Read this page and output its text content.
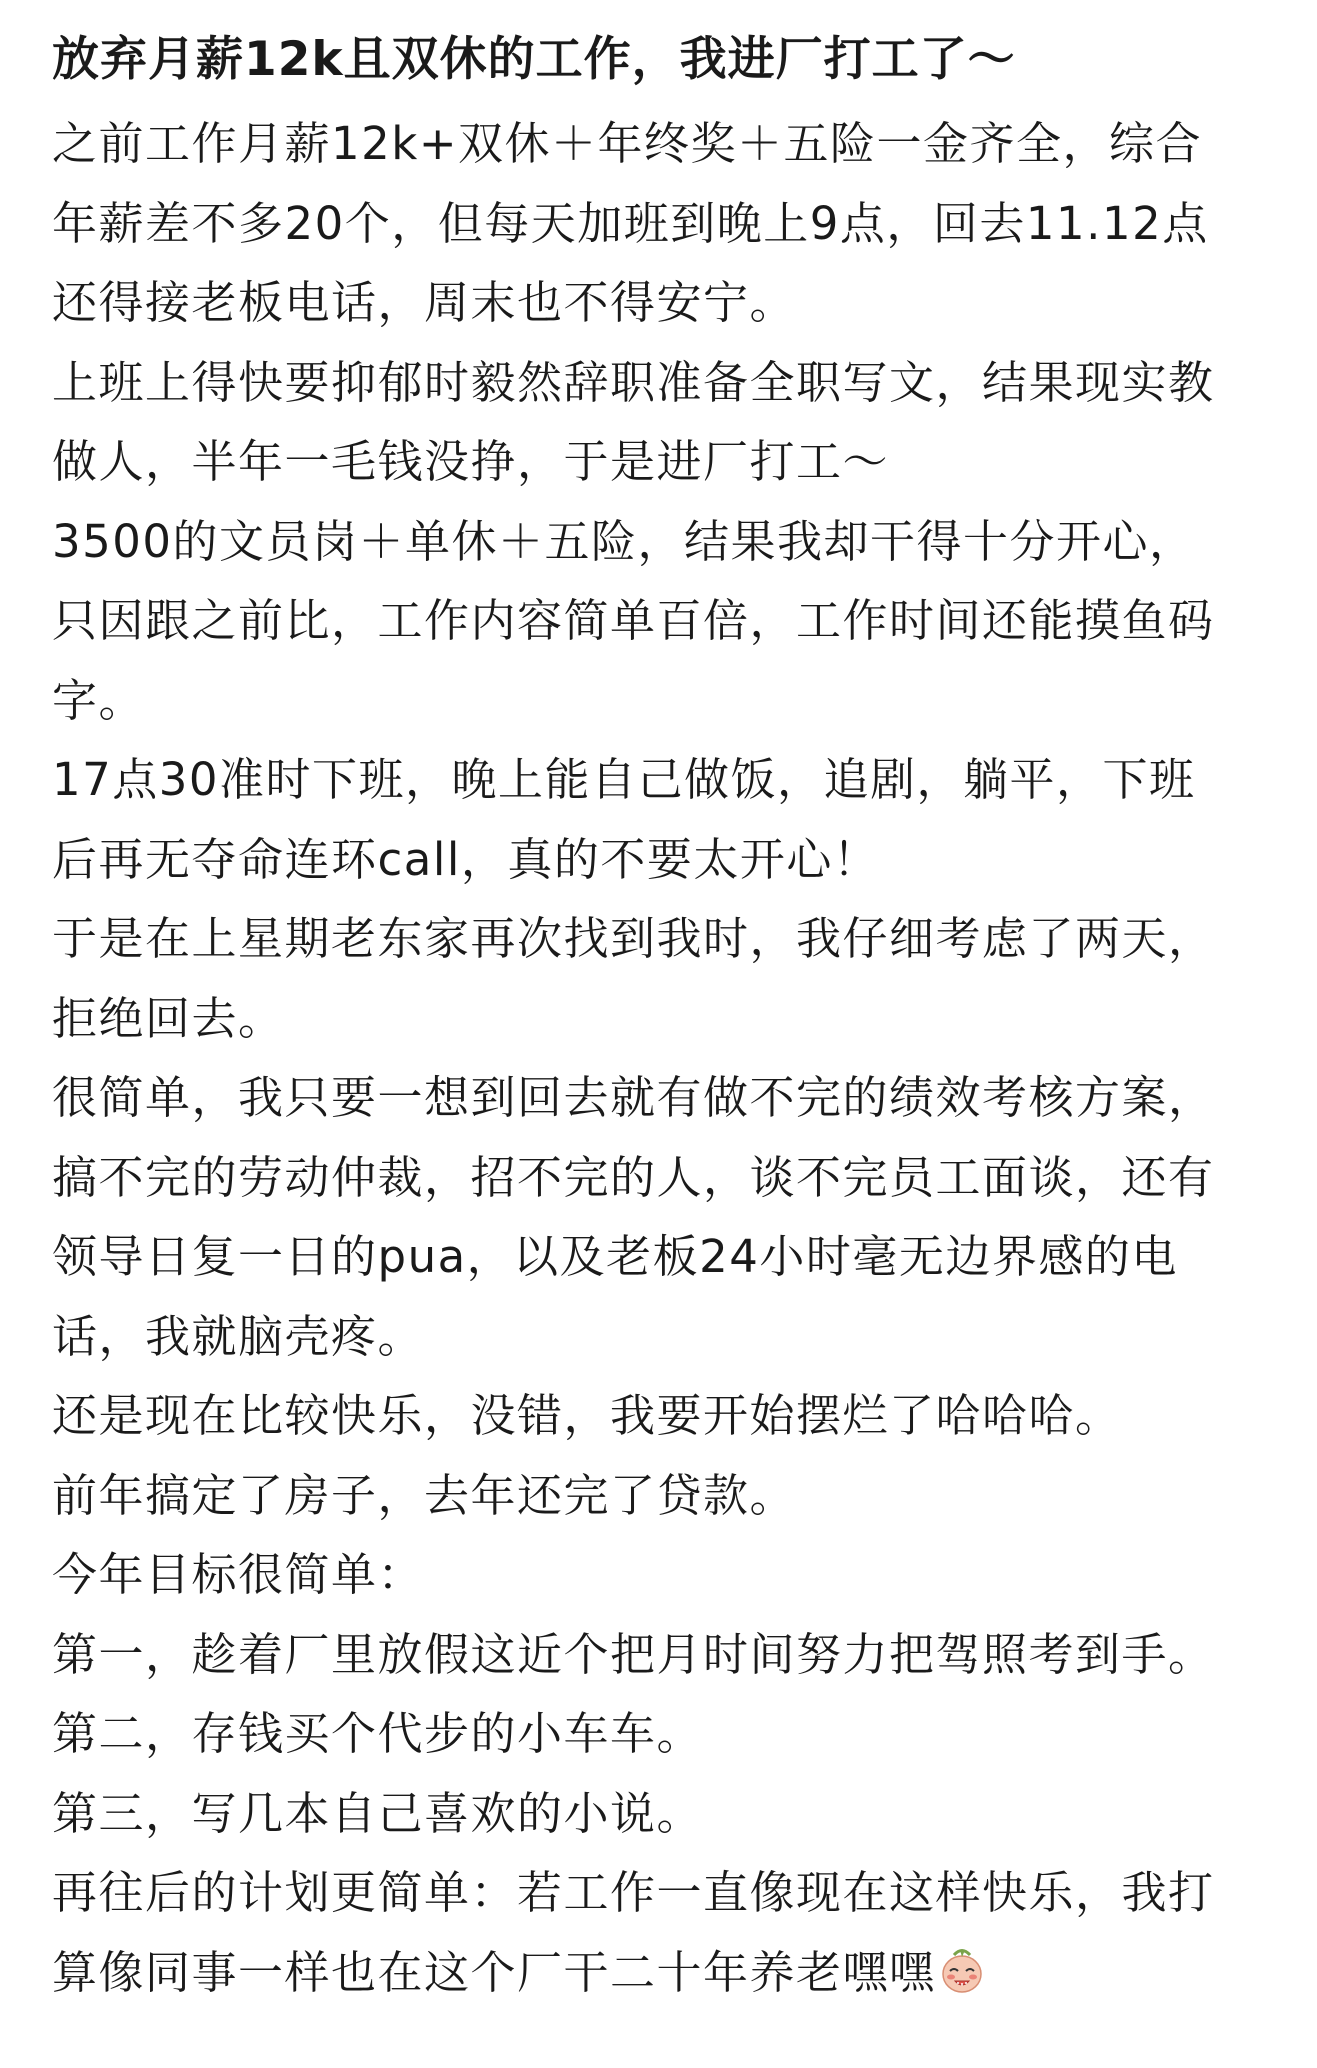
放弃月薪12k且双休的工作，我进厂打工了～
之前工作月薪12k+双休＋年终奖＋五险一金齐全，综合
年薪差不多20个，但每天加班到晚上9点，回去11.12点
还得接老板电话，周末也不得安宁。
上班上得快要抑郁时毅然辞职准备全职写文，结果现实教
做人，半年一毛钱没挣，于是进厂打工～
3500的文员岗＋单休＋五险，结果我却干得十分开心，
只因跟之前比，工作内容简单百倍，工作时间还能摸鱼码
字。
17点30准时下班，晚上能自己做饭，追剧，躺平，下班
后再无夺命连环call，真的不要太开心！
于是在上星期老东家再次找到我时，我仔细考虑了两天，
拒绝回去。
很简单，我只要一想到回去就有做不完的绩效考核方案，
搞不完的劳动仲裁，招不完的人，谈不完员工面谈，还有
领导日复一日的pua，以及老板24小时毫无边界感的电
话，我就脑壳疼。
还是现在比较快乐，没错，我要开始摆烂了哈哈哈。
前年搞定了房子，去年还完了贷款。
今年目标很简单：
第一，趁着厂里放假这近个把月时间努力把驾照考到手。
第二，存钱买个代步的小车车。
第三，写几本自己喜欢的小说。
再往后的计划更简单：若工作一直像现在这样快乐，我打
算像同事一样也在这个厂干二十年养老嘿嘿
